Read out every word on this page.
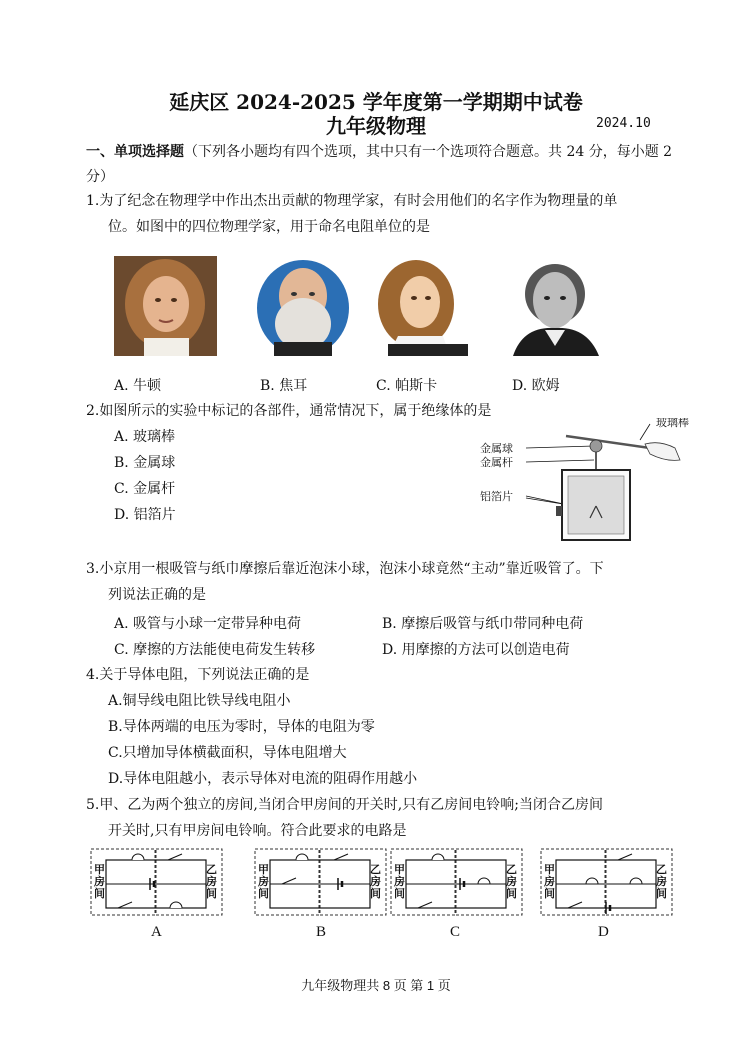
延庆区 2024-2025 学年度第一学期期中试卷
九年级物理	2024.10
一、单项选择题（下列各小题均有四个选项，其中只有一个选项符合题意。共 24 分，每小题 2 分）
1.为了纪念在物理学中作出杰出贡献的物理学家，有时会用他们的名字作为物理量的单
位。如图中的四位物理学家，用于命名电阻单位的是
A. 牛顿	B. 焦耳	C. 帕斯卡	D. 欧姆
2.如图所示的实验中标记的各部件，通常情况下，属于绝缘体的是
A. 玻璃棒
B. 金属球
C. 金属杆
D. 铝箔片
玻璃棒
金属球
金属杆
铝箔片
3.小京用一根吸管与纸巾摩擦后靠近泡沫小球，泡沫小球竟然“主动”靠近吸管了。下
列说法正确的是
A. 吸管与小球一定带异种电荷	B. 摩擦后吸管与纸巾带同种电荷
C. 摩擦的方法能使电荷发生转移	D. 用摩擦的方法可以创造电荷
4.关于导体电阻，下列说法正确的是
A.铜导线电阻比铁导线电阻小
B.导体两端的电压为零时，导体的电阻为零
C.只增加导体横截面积，导体电阻增大
D.导体电阻越小，表示导体对电流的阻碍作用越小
5.甲、乙为两个独立的房间,当闭合甲房间的开关时,只有乙房间电铃响;当闭合乙房间
开关时,只有甲房间电铃响。符合此要求的电路是
甲房间
乙房间
甲房间
乙房间
甲房间
乙房间
甲房间
乙房间
A	B	C	D
九年级物理共 8 页 第 1 页
